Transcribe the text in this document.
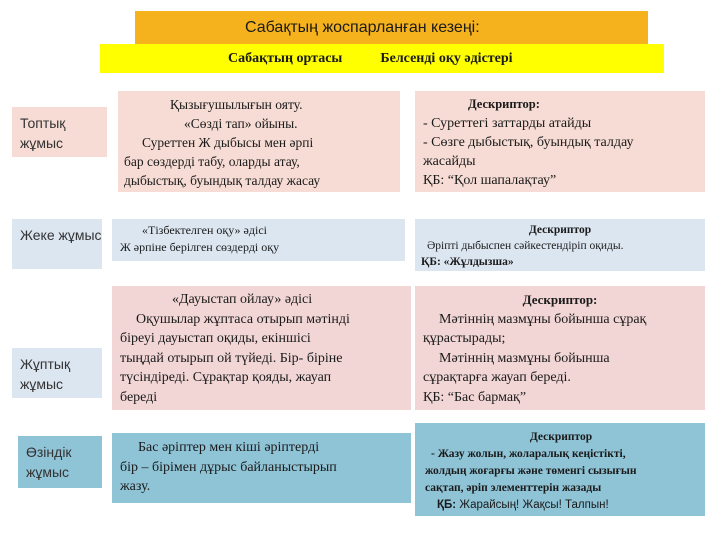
Сабақтың жоспарланған кезеңі:
Сабақтың ортасы	Белсенді оқу әдістері
Топтық жұмыс
Қызығушылығын ояту.
«Сөзді тап» ойыны.
Суреттен Ж дыбысы мен әрпі
бар сөздерді табу, оларды атау,
дыбыстық, буындық талдау жасау
Дескриптор:
- Суреттегі заттарды атайды
- Сөзге дыбыстық, буындық талдау
жасайды
ҚБ: “Қол шапалақтау”
Жеке жұмыс	«Тізбектелген оқу» әдісі
Ж әрпіне берілген сөздерді оқу
Дескриптор
Әріпті дыбыспен сәйкестендіріп оқиды.
ҚБ: «Жұлдызша»
Жұптық жұмыс
«Дауыстап ойлау» әдісі
Оқушылар жұптаса отырып мәтінді
біреуі дауыстап оқиды, екіншісі
тыңдай отырып ой түйеді. Бір- біріне
түсіндіреді. Сұрақтар қояды, жауап
береді
Дескриптор:
Мәтіннің мазмұны бойынша сұрақ
құрастырады;
Мәтіннің мазмұны бойынша
сұрақтарға жауап береді.
ҚБ: “Бас бармақ”
Өзіндік жұмыс
Бас әріптер мен кіші әріптерді
бір – бірімен дұрыс байланыстырып
жазу.
Дескриптор
- Жазу жолын, жоларалық кеңістікті,
жолдың жоғарғы және төменгі сызығын
сақтап, әріп элементтерін жазады
ҚБ: Жарайсың! Жақсы! Талпын!
